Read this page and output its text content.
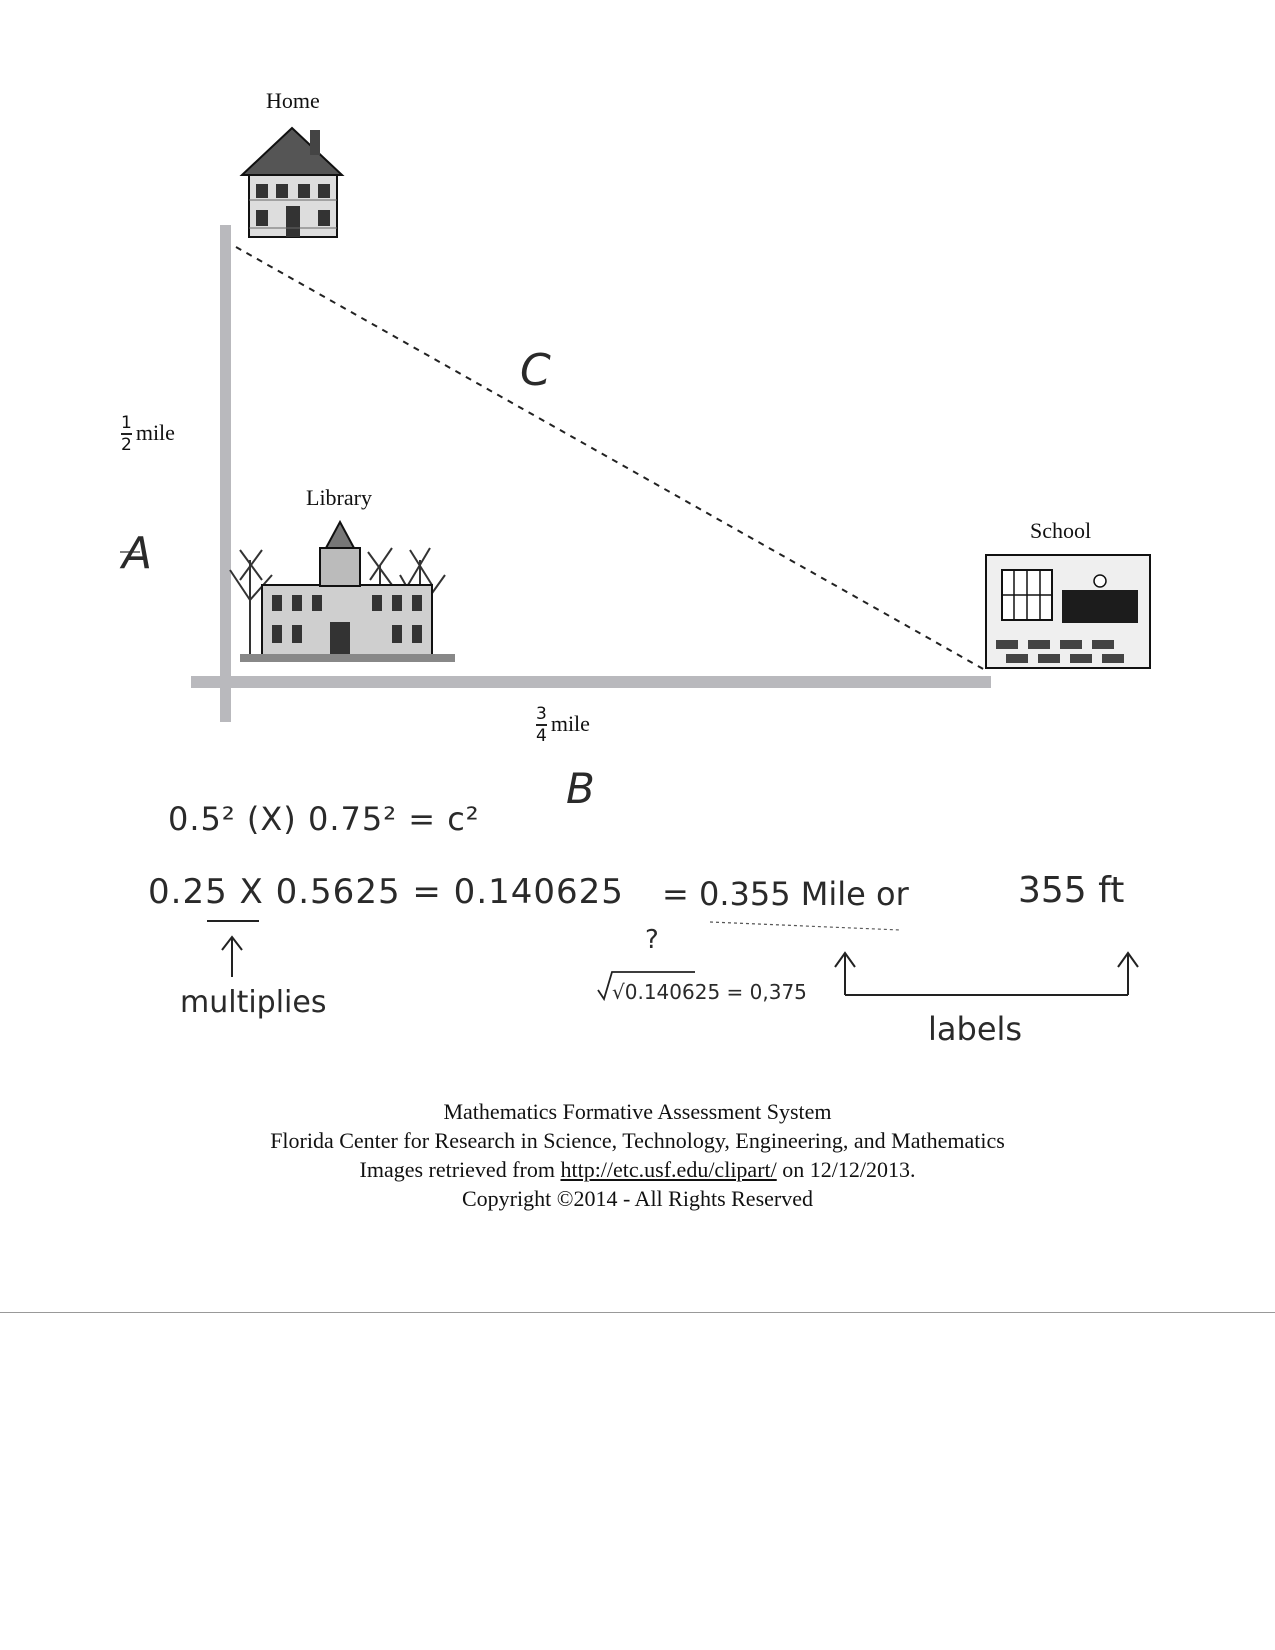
Home
Library
School
$\frac{1}{2}$ mile
$\frac{3}{4}$ mile
A
B
C
0.5² (X) 0.75² = c²
0.25 X 0.5625 = 0.140625 = 0.355 Mile or	355 ft
?
√0.140625 = 0,375
multiplies
labels
Mathematics Formative Assessment System
Florida Center for Research in Science, Technology, Engineering, and Mathematics
Images retrieved from http://etc.usf.edu/clipart/ on 12/12/2013.
Copyright ©2014 - All Rights Reserved
